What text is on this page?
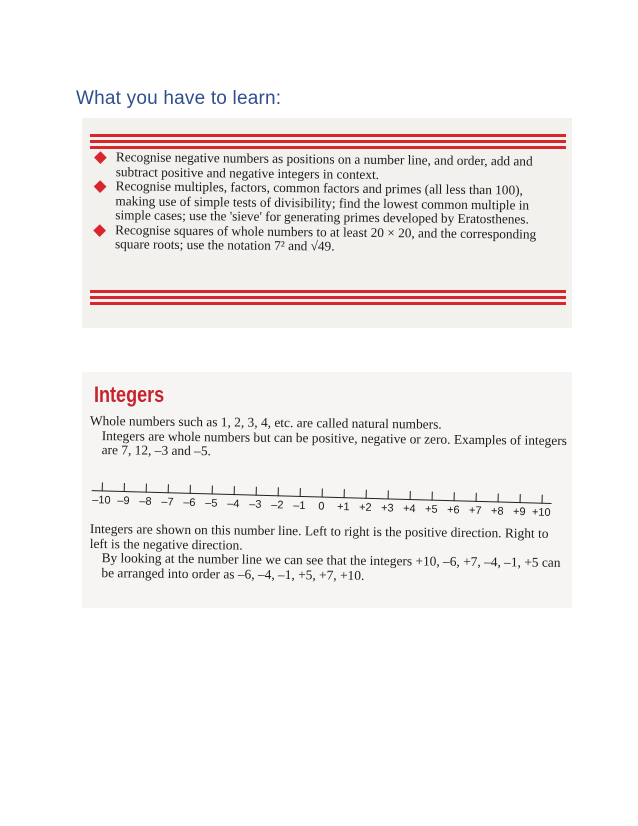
What you have to learn:
Recognise negative numbers as positions on a number line, and order, add and subtract positive and negative integers in context.
Recognise multiples, factors, common factors and primes (all less than 100), making use of simple tests of divisibility; find the lowest common multiple in simple cases; use the 'sieve' for generating primes developed by Eratosthenes.
Recognise squares of whole numbers to at least 20 × 20, and the corresponding square roots; use the notation 7² and √49.
Integers

Whole numbers such as 1, 2, 3, 4, etc. are called natural numbers.

Integers are whole numbers but can be positive, negative or zero. Examples of integers are 7, 12, –3 and –5.

–10 –9 –8 –7 –6 –5 –4 –3 –2 –1 0 +1 +2 +3 +4 +5 +6 +7 +8 +9 +10

Integers are shown on this number line. Left to right is the positive direction. Right to left is the negative direction.

By looking at the number line we can see that the integers +10, –6, +7, –4, –1, +5 can be arranged into order as –6, –4, –1, +5, +7, +10.
